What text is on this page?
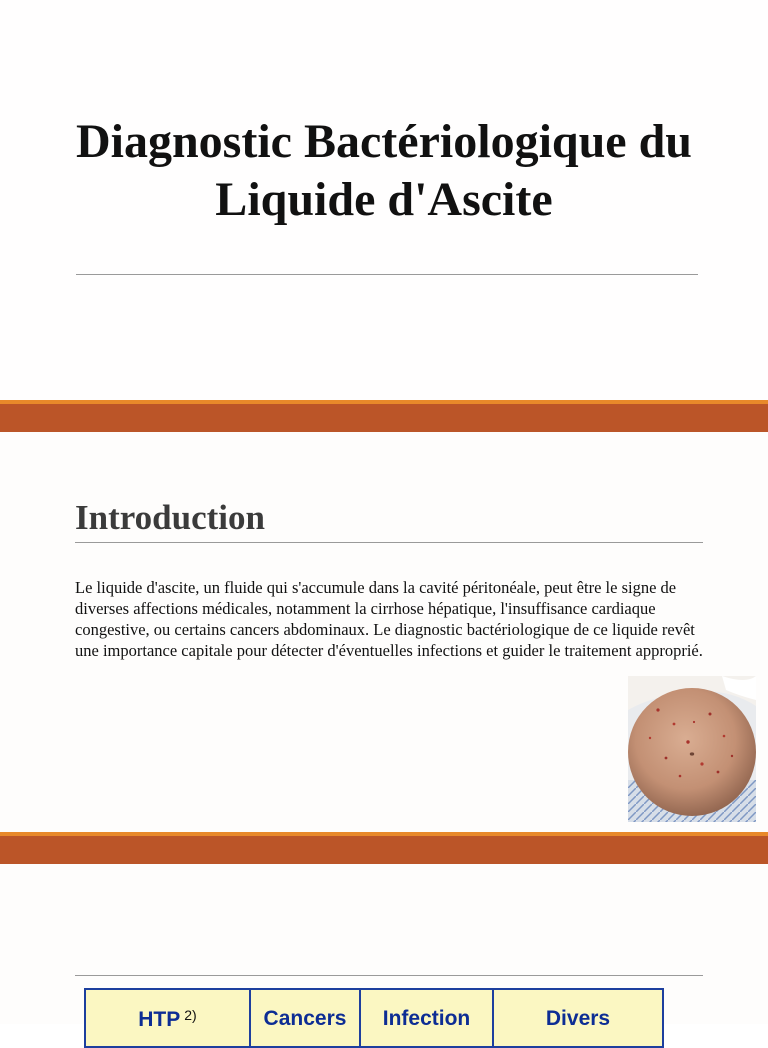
Diagnostic Bactériologique du
Liquide d'Ascite
Introduction

Le liquide d'ascite, un fluide qui s'accumule dans la cavité péritonéale, peut être le signe de diverses affections médicales, notamment la cirrhose hépatique, l'insuffisance cardiaque congestive, ou certains cancers abdominaux. Le diagnostic bactériologique de ce liquide revêt une importance capitale pour détecter d'éventuelles infections et guider le traitement approprié.

HTP $^{2)}$	Cancers	Infection	Divers
